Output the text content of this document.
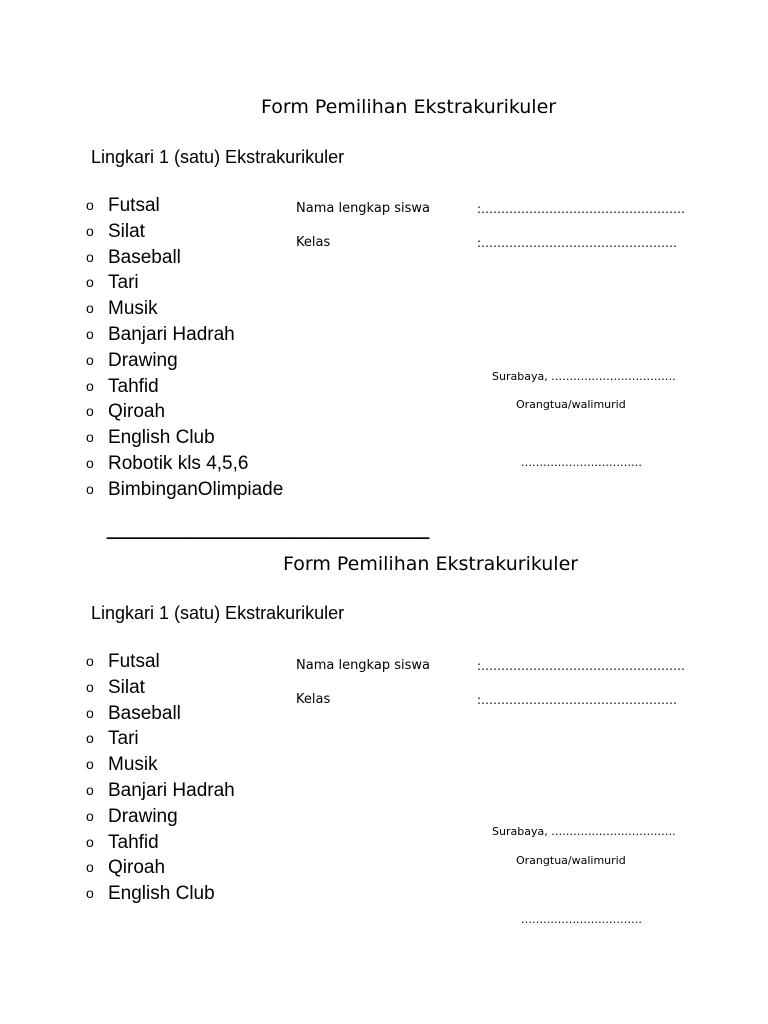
Form Pemilihan Ekstrakurikuler
Lingkari 1 (satu) Ekstrakurikuler
o Futsal
o Silat
o Baseball
o Tari
o Musik
o Banjari Hadrah
o Drawing
o Tahfid
o Qiroah
o English Club
o Robotik kls 4,5,6
o BimbinganOlimpiade
Nama lengkap siswa	:……………………………………………
Kelas	:………………………………………….
Surabaya, …………………………….
Orangtua/walimurid
……………………………
------------------------------------------------------------------------------------------------
Form Pemilihan Ekstrakurikuler
Lingkari 1 (satu) Ekstrakurikuler
o Futsal
o Silat
o Baseball
o Tari
o Musik
o Banjari Hadrah
o Drawing
o Tahfid
o Qiroah
o English Club
Nama lengkap siswa	:……………………………………………
Kelas	:………………………………………….
Surabaya, …………………………….
Orangtua/walimurid
……………………………
